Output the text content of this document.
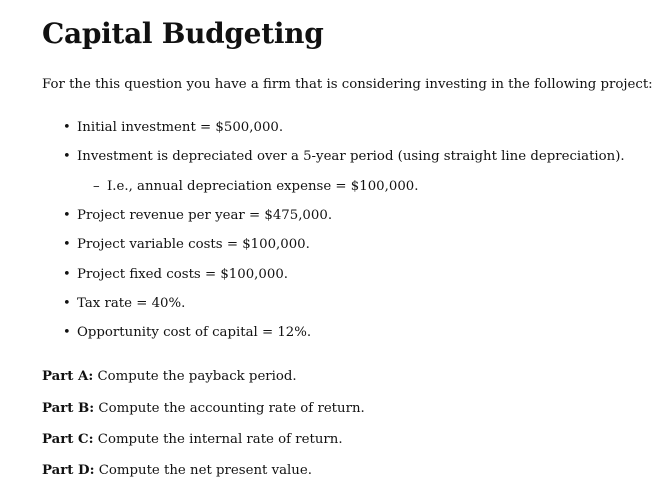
Capital Budgeting

For the this question you have a firm that is considering investing in the following project:

• Initial investment = $500,000.
• Investment is depreciated over a 5-year period (using straight line depreciation).
– I.e., annual depreciation expense = $100,000.
• Project revenue per year = $475,000.
• Project variable costs = $100,000.
• Project fixed costs = $100,000.
• Tax rate = 40%.
• Opportunity cost of capital = 12%.
Part A: Compute the payback period.
Part B: Compute the accounting rate of return.
Part C: Compute the internal rate of return.
Part D: Compute the net present value.
